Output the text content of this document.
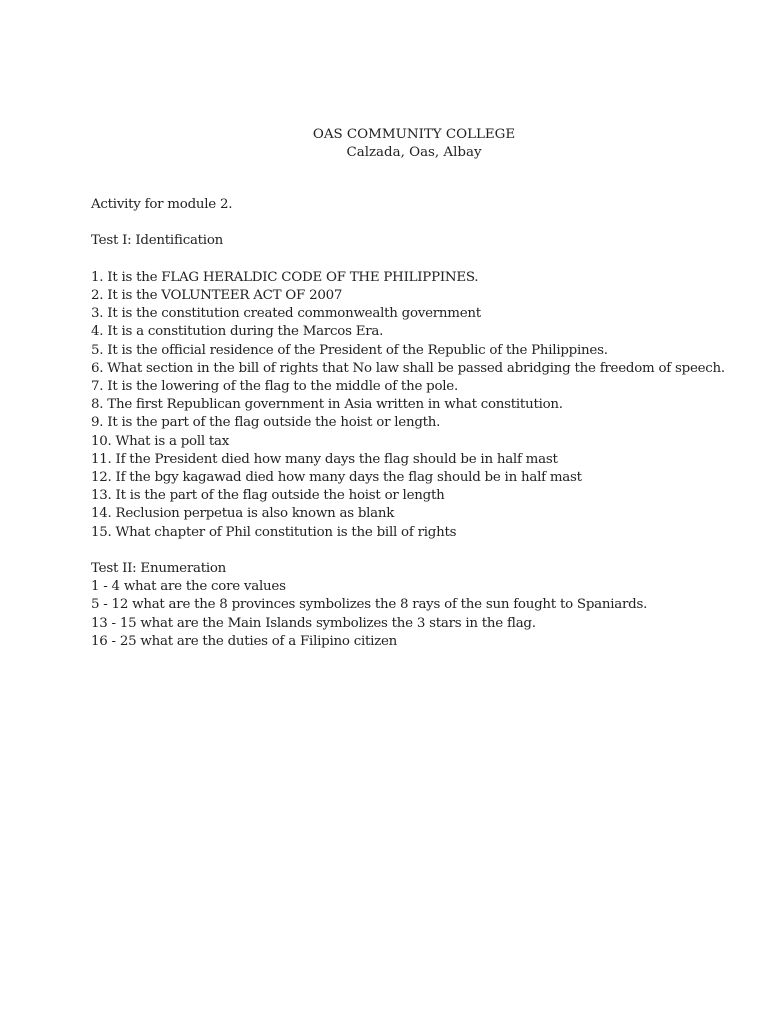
OAS COMMUNITY COLLEGE
Calzada, Oas, Albay
Activity for module 2.
Test I: Identification
1. It is the FLAG HERALDIC CODE OF THE PHILIPPINES.
2. It is the VOLUNTEER ACT OF 2007
3. It is the constitution created commonwealth government
4. It is a constitution during the Marcos Era.
5. It is the official residence of the President of the Republic of the Philippines.
6. What section in the bill of rights that No law shall be passed abridging the freedom of speech.
7. It is the lowering of the flag to the middle of the pole.
8. The first Republican government in Asia written in what constitution.
9. It is the part of the flag outside the hoist or length.
10. What is a poll tax
11. If the President died how many days the flag should be in half mast
12. If the bgy kagawad died how many days the flag should be in half mast
13. It is the part of the flag outside the hoist or length
14. Reclusion perpetua is also known as blank
15. What chapter of Phil constitution is the bill of rights
Test II: Enumeration
1 - 4 what are the core values
5 - 12 what are the 8 provinces symbolizes the 8 rays of the sun fought to Spaniards.
13 - 15 what are the Main Islands symbolizes the 3 stars in the flag.
16 - 25 what are the duties of a Filipino citizen
